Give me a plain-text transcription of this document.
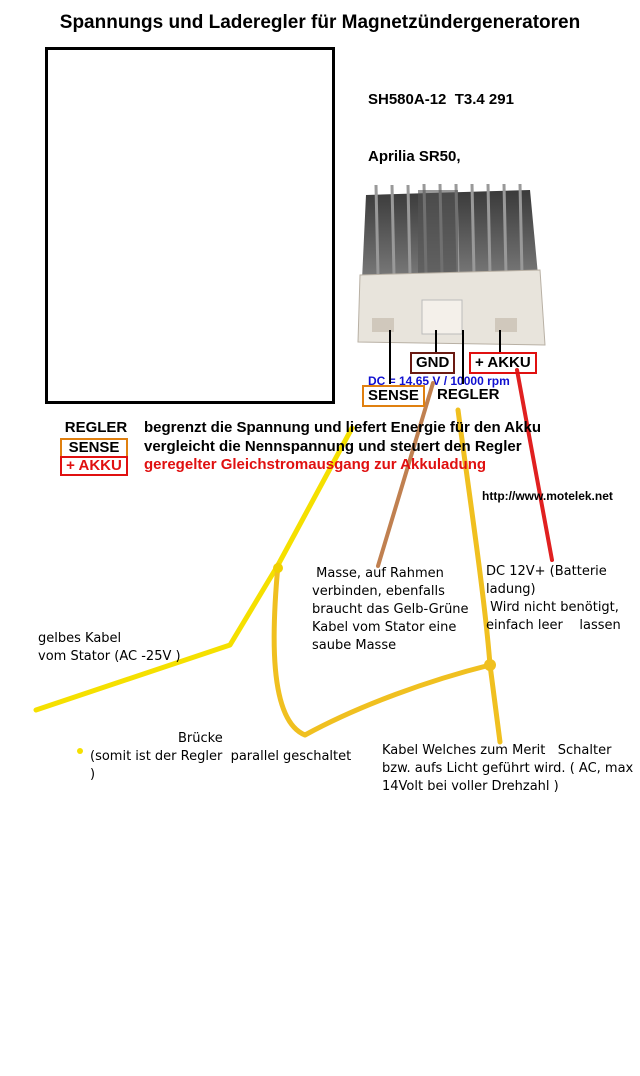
Spannungs und Laderegler für Magnetzündergeneratoren

SH580A-12  T3.4 291

Aprilia SR50,

DC = 14,65 V / 10000 rpm

GND	+ AKKU
SENSE	REGLER
REGLER begrenzt die Spannung und liefert Energie für den Akku
SENSE	vergleicht die Nennspannung und steuert den Regler
+ AKKU	geregelter Gleichstromausgang zur Akkuladung
http://www.motelek.net
Masse, auf Rahmen
verbinden, ebenfalls
braucht das Gelb-Grüne
Kabel vom Stator eine
saube Masse
DC 12V+ (Batterie
ladung)
Wird nicht benötigt,
einfach leer    lassen
gelbes Kabel
vom Stator (AC -25V )
Brücke
(somit ist der Regler  parallel geschaltet
)
Kabel Welches zum Merit   Schalter
bzw. aufs Licht geführt wird. ( AC, max
14Volt bei voller Drehzahl )
